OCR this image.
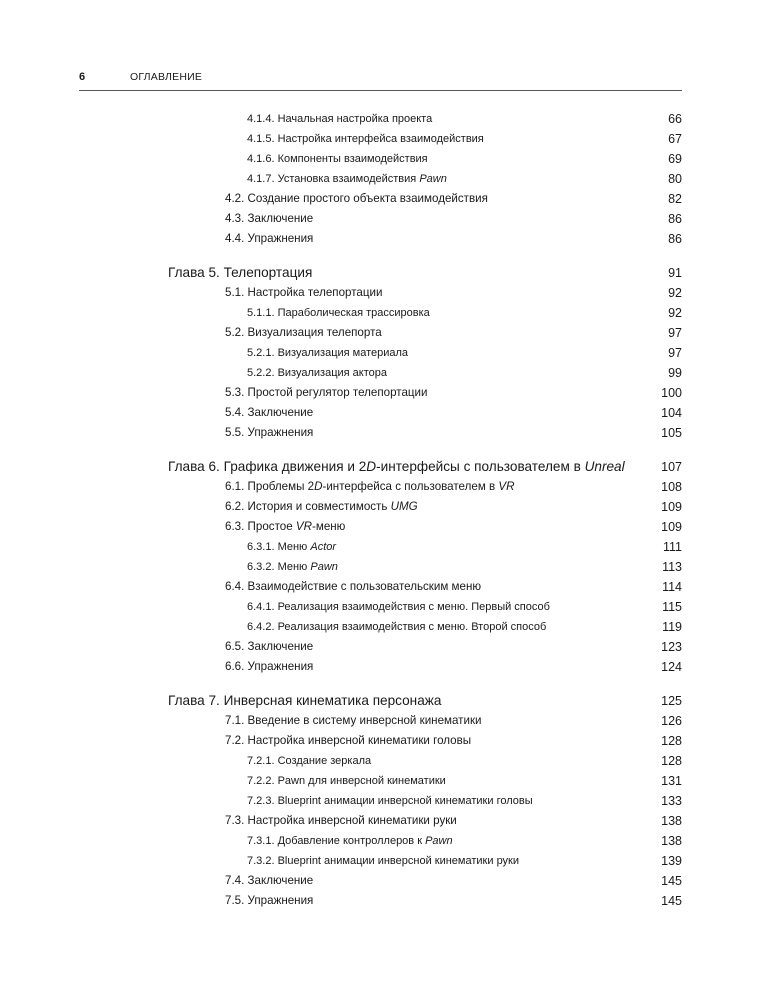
6	ОГЛАВЛЕНИЕ
4.1.4. Начальная настройка проекта	66
4.1.5. Настройка интерфейса взаимодействия	67
4.1.6. Компоненты взаимодействия	69
4.1.7. Установка взаимодействия Pawn	80
4.2. Создание простого объекта взаимодействия	82
4.3. Заключение	86
4.4. Упражнения	86
Глава 5. Телепортация	91
5.1. Настройка телепортации	92
5.1.1. Параболическая трассировка	92
5.2. Визуализация телепорта	97
5.2.1. Визуализация материала	97
5.2.2. Визуализация актора	99
5.3. Простой регулятор телепортации	100
5.4. Заключение	104
5.5. Упражнения	105
Глава 6. Графика движения и 2D-интерфейсы с пользователем в Unreal	107
6.1. Проблемы 2D-интерфейса с пользователем в VR	108
6.2. История и совместимость UMG	109
6.3. Простое VR-меню	109
6.3.1. Меню Actor	111
6.3.2. Меню Pawn	113
6.4. Взаимодействие с пользовательским меню	114
6.4.1. Реализация взаимодействия с меню. Первый способ	115
6.4.2. Реализация взаимодействия с меню. Второй способ	119
6.5. Заключение	123
6.6. Упражнения	124
Глава 7. Инверсная кинематика персонажа	125
7.1. Введение в систему инверсной кинематики	126
7.2. Настройка инверсной кинематики головы	128
7.2.1. Создание зеркала	128
7.2.2. Pawn для инверсной кинематики	131
7.2.3. Blueprint анимации инверсной кинематики головы	133
7.3. Настройка инверсной кинематики руки	138
7.3.1. Добавление контроллеров к Pawn	138
7.3.2. Blueprint анимации инверсной кинематики руки	139
7.4. Заключение	145
7.5. Упражнения	145
